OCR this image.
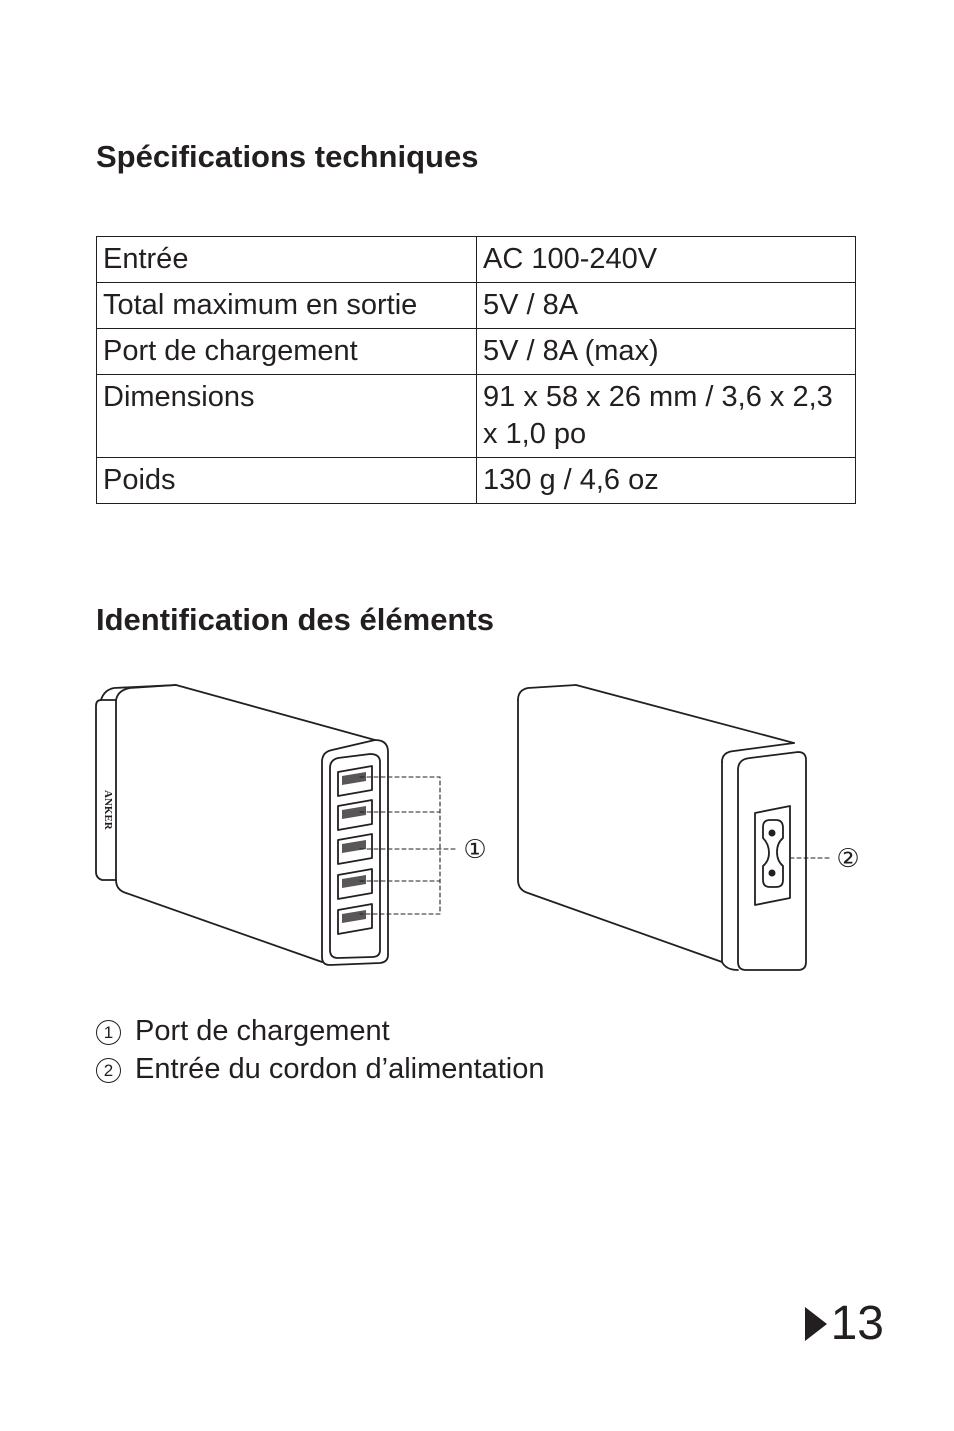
Spécifications techniques
Entrée	AC 100-240V
Total maximum en sortie	5V / 8A
Port de chargement	5V / 8A (max)
Dimensions	91 x 58 x 26 mm / 3,6 x 2,3 x 1,0 po
Poids	130 g / 4,6 oz
Identification des éléments
ANKER
①	②
1 Port de chargement
2 Entrée du cordon d’alimentation
13
